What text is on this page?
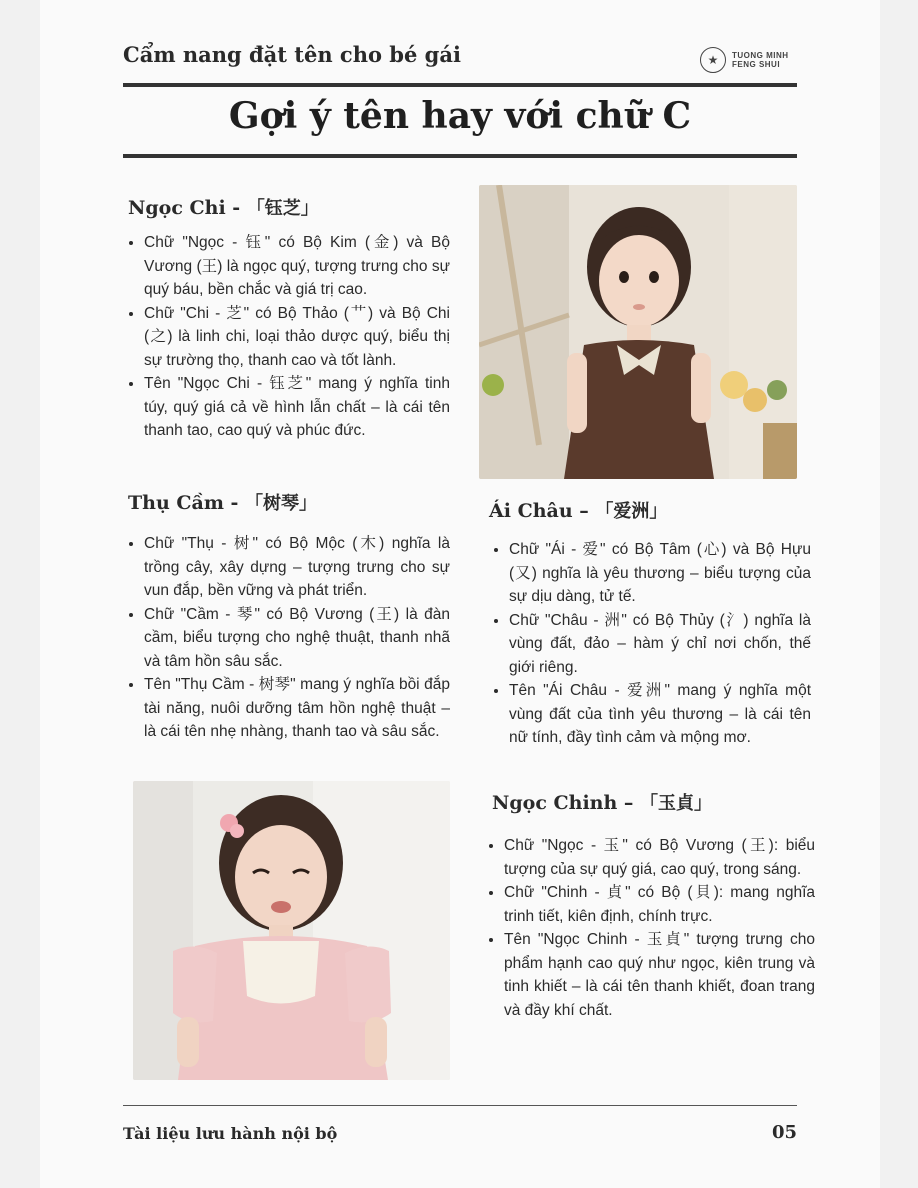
Cẩm nang đặt tên cho bé gái	★	TUONG MINH
FENG SHUI
Gợi ý tên hay với chữ C
Ngọc Chi - 「钰芝」
• Chữ "Ngọc - 钰" có Bộ Kim (金) và Bộ Vương (王) là ngọc quý, tượng trưng cho sự quý báu, bền chắc và giá trị cao.
• Chữ "Chi - 芝" có Bộ Thảo (艹) và Bộ Chi (之) là linh chi, loại thảo dược quý, biểu thị sự trường thọ, thanh cao và tốt lành.
• Tên "Ngọc Chi - 钰芝" mang ý nghĩa tinh túy, quý giá cả về hình lẫn chất – là cái tên thanh tao, cao quý và phúc đức.
Thụ Cầm - 「树琴」
• Chữ "Thụ - 树" có Bộ Mộc (木) nghĩa là trồng cây, xây dựng – tượng trưng cho sự vun đắp, bền vững và phát triển.
• Chữ "Cầm - 琴" có Bộ Vương (王) là đàn cầm, biểu tượng cho nghệ thuật, thanh nhã và tâm hồn sâu sắc.
• Tên "Thụ Cầm - 树琴" mang ý nghĩa bồi đắp tài năng, nuôi dưỡng tâm hồn nghệ thuật – là cái tên nhẹ nhàng, thanh tao và sâu sắc.
Ái Châu – 「爱洲」
• Chữ "Ái - 爱" có Bộ Tâm (心) và Bộ Hựu (又) nghĩa là yêu thương – biểu tượng của sự dịu dàng, tử tế.
• Chữ "Châu - 洲" có Bộ Thủy (氵) nghĩa là vùng đất, đảo – hàm ý chỉ nơi chốn, thế giới riêng.
• Tên "Ái Châu - 爱洲" mang ý nghĩa một vùng đất của tình yêu thương – là cái tên nữ tính, đầy tình cảm và mộng mơ.
Ngọc Chinh – 「玉貞」
• Chữ "Ngọc - 玉" có Bộ Vương (王): biểu tượng của sự quý giá, cao quý, trong sáng.
• Chữ "Chinh - 貞" có Bộ (貝): mang nghĩa trinh tiết, kiên định, chính trực.
• Tên "Ngọc Chinh - 玉貞" tượng trưng cho phẩm hạnh cao quý như ngọc, kiên trung và tinh khiết – là cái tên thanh khiết, đoan trang và đầy khí chất.
Tài liệu lưu hành nội bộ	05
